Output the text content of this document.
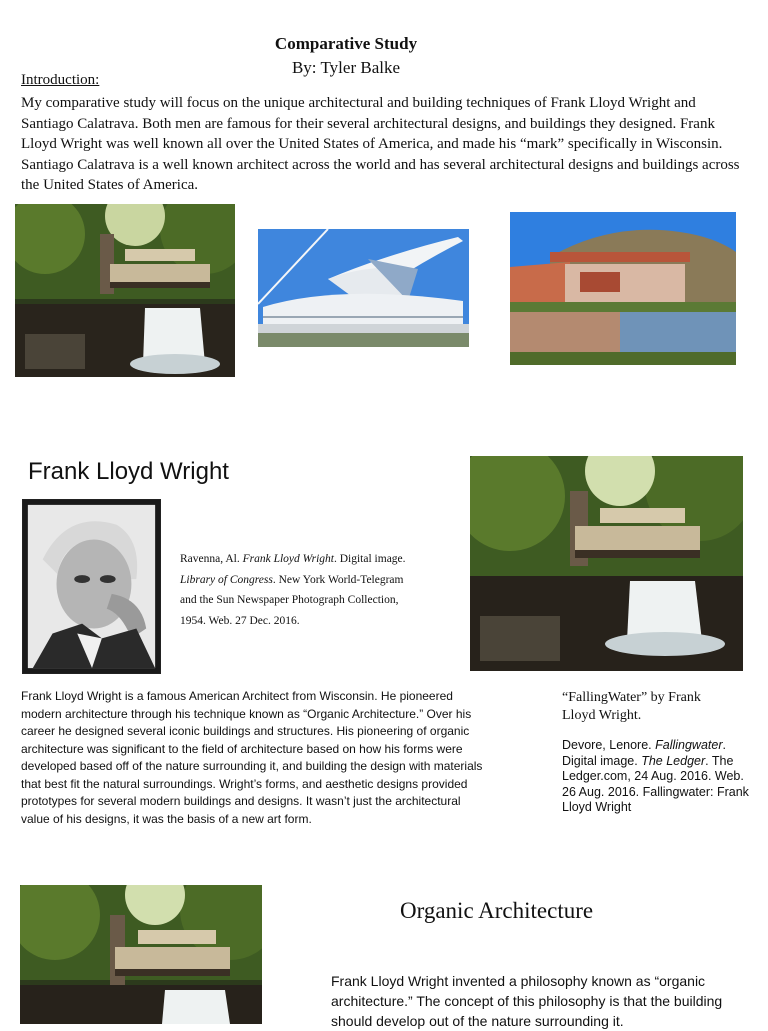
Comparative Study
By: Tyler Balke
Introduction:
My comparative study will focus on the unique architectural and building techniques of Frank Lloyd Wright and Santiago Calatrava. Both men are famous for their several architectural designs, and buildings they designed. Frank Lloyd Wright was well known all over the United States of America, and made his “mark” specifically in Wisconsin. Santiago Calatrava is a well known architect across the world and has several architectural designs and buildings across the United States of America.
Frank Lloyd Wright
Ravenna, Al. Frank Lloyd Wright. Digital image. Library of Congress. New York World-Telegram and the Sun Newspaper Photograph Collection, 1954. Web. 27 Dec. 2016.
Frank Lloyd Wright is a famous American Architect from Wisconsin. He pioneered modern architecture through his technique known as “Organic Architecture.” Over his career he designed several iconic buildings and structures. His pioneering of organic architecture was significant to the field of architecture based on how his forms were developed based off of the nature surrounding it, and building the design with materials that best fit the natural surroundings. Wright’s forms, and aesthetic designs provided prototypes for several modern buildings and designs. It wasn’t just the architectural value of his designs, it was the basis of a new art form.
“FallingWater” by Frank Lloyd Wright.
Devore, Lenore. Fallingwater. Digital image. The Ledger. The Ledger.com, 24 Aug. 2016. Web. 26 Aug. 2016. Fallingwater: Frank Lloyd Wright
Organic Architecture
Frank Lloyd Wright invented a philosophy known as “organic architecture.” The concept of this philosophy is that the building should develop out of the nature surrounding it.
